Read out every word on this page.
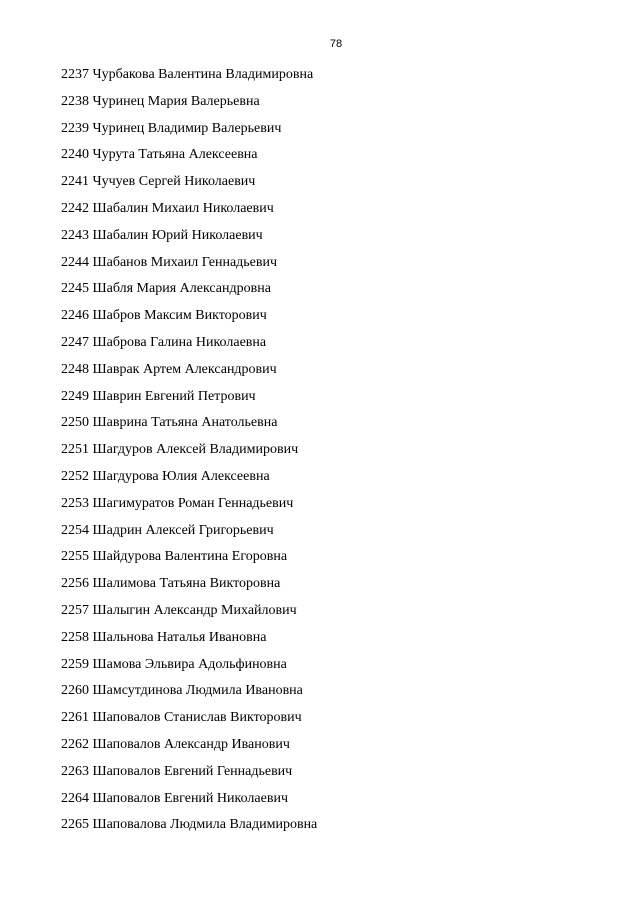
78
2237 Чурбакова Валентина Владимировна
2238 Чуринец Мария Валерьевна
2239 Чуринец Владимир Валерьевич
2240 Чурута Татьяна Алексеевна
2241 Чучуев Сергей Николаевич
2242 Шабалин Михаил Николаевич
2243 Шабалин Юрий Николаевич
2244 Шабанов Михаил Геннадьевич
2245 Шабля Мария Александровна
2246 Шабров Максим Викторович
2247 Шаброва Галина Николаевна
2248 Шаврак Артем Александрович
2249 Шаврин Евгений Петрович
2250 Шаврина Татьяна Анатольевна
2251 Шагдуров Алексей Владимирович
2252 Шагдурова Юлия Алексеевна
2253 Шагимуратов Роман Геннадьевич
2254 Шадрин Алексей Григорьевич
2255 Шайдурова Валентина Егоровна
2256 Шалимова Татьяна Викторовна
2257 Шалыгин Александр Михайлович
2258 Шальнова Наталья Ивановна
2259 Шамова Эльвира Адольфиновна
2260 Шамсутдинова Людмила Ивановна
2261 Шаповалов Станислав Викторович
2262 Шаповалов Александр Иванович
2263 Шаповалов Евгений Геннадьевич
2264 Шаповалов Евгений Николаевич
2265 Шаповалова Людмила Владимировна
